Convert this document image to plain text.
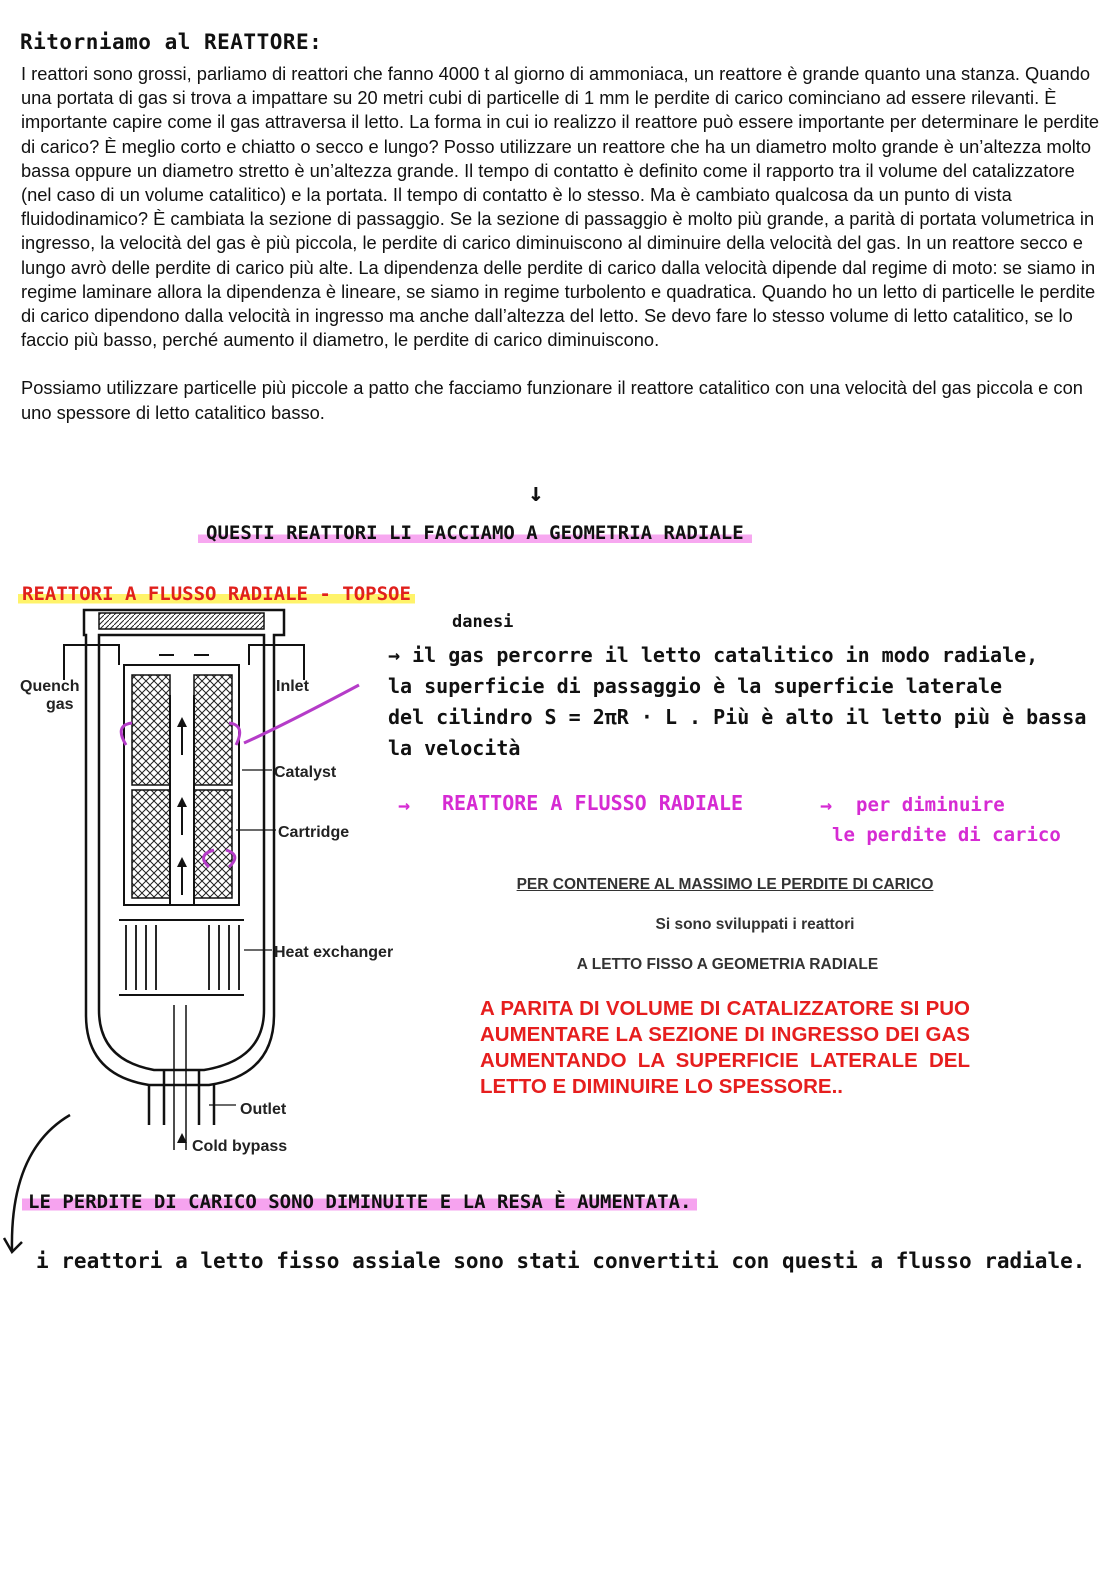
Ritorniamo al REATTORE:

I reattori sono grossi, parliamo di reattori che fanno 4000 t al giorno di ammoniaca, un reattore è grande quanto una stanza. Quando una portata di gas si trova a impattare su 20 metri cubi di particelle di 1 mm le perdite di carico cominciano ad essere rilevanti. È importante capire come il gas attraversa il letto. La forma in cui io realizzo il reattore può essere importante per determinare le perdite di carico? È meglio corto e chiatto o secco e lungo? Posso utilizzare un reattore che ha un diametro molto grande è un’altezza molto bassa oppure un diametro stretto è un’altezza grande. Il tempo di contatto è definito come il rapporto tra il volume del catalizzatore (nel caso di un volume catalitico) e la portata. Il tempo di contatto è lo stesso. Ma è cambiato qualcosa da un punto di vista fluidodinamico? È cambiata la sezione di passaggio. Se la sezione di passaggio è molto più grande, a parità di portata volumetrica in ingresso, la velocità del gas è più piccola, le perdite di carico diminuiscono al diminuire della velocità del gas. In un reattore secco e lungo avrò delle perdite di carico più alte. La dipendenza delle perdite di carico dalla velocità dipende dal regime di moto: se siamo in regime laminare allora la dipendenza è lineare, se siamo in regime turbolento e quadratica. Quando ho un letto di particelle le perdite di carico dipendono dalla velocità in ingresso ma anche dall’altezza del letto. Se devo fare lo stesso volume di letto catalitico, se lo faccio più basso, perché aumento il diametro, le perdite di carico diminuiscono.

Possiamo utilizzare particelle più piccole a patto che facciamo funzionare il reattore catalitico con una velocità del gas piccola e con uno spessore di letto catalitico basso.

↓
QUESTI REATTORI LI FACCIAMO A GEOMETRIA RADIALE
REATTORI A FLUSSO RADIALE - TOPSOE
Quench
gas
Inlet
Catalyst
Cartridge
Heat exchanger
Outlet
Cold bypass
danesi
→ il gas percorre il letto catalitico in modo radiale,
la superficie di passaggio è la superficie laterale
del cilindro S = 2πR · L . Più è alto il letto più è bassa
la velocità
→ REATTORE A FLUSSO RADIALE	→ per diminuire
le perdite di carico
PER CONTENERE AL MASSIMO LE PERDITE DI CARICO
Si sono sviluppati i reattori
A LETTO FISSO A GEOMETRIA RADIALE
A PARITA DI VOLUME DI CATALIZZATORE SI PUO AUMENTARE LA SEZIONE DI INGRESSO DEI GAS AUMENTANDO LA SUPERFICIE LATERALE DEL LETTO E DIMINUIRE LO SPESSORE..
LE PERDITE DI CARICO SONO DIMINUITE E LA RESA È AUMENTATA.
i reattori a letto fisso assiale sono stati convertiti con questi a flusso radiale.
